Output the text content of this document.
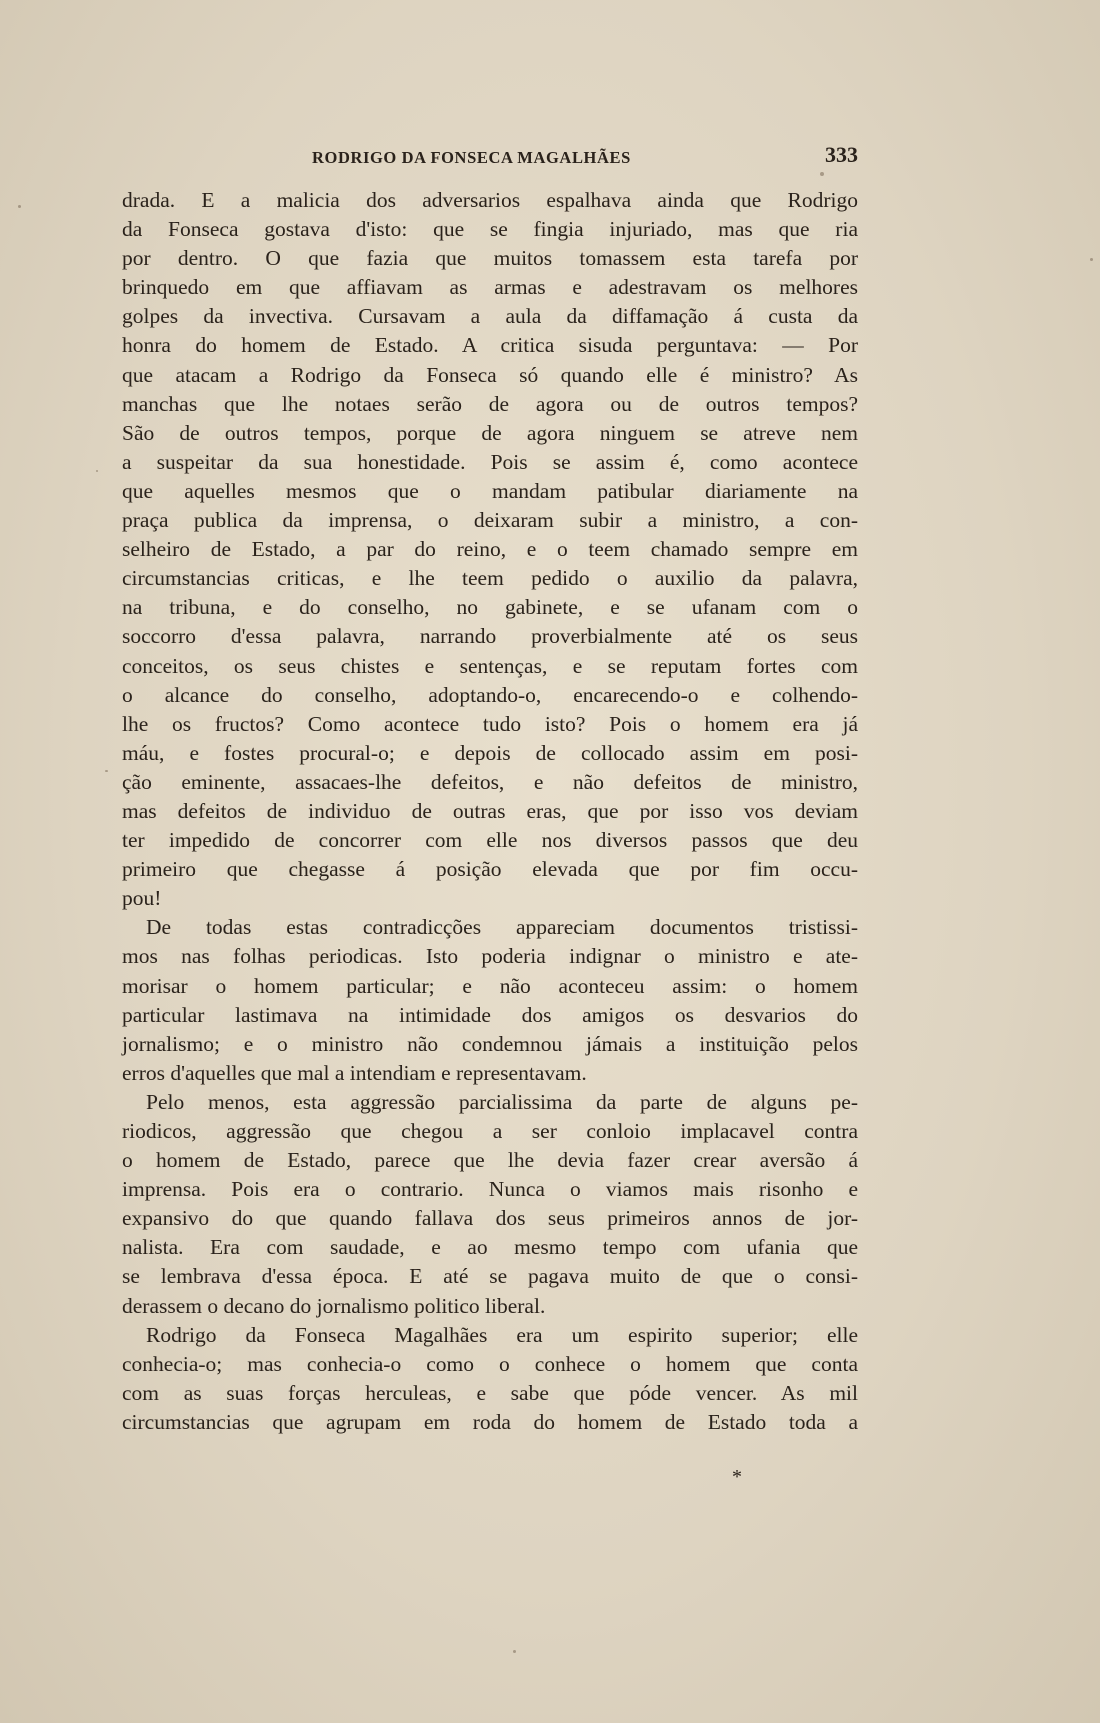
RODRIGO DA FONSECA MAGALHÃES	333
drada. E a malicia dos adversarios espalhava ainda que Rodrigo
da Fonseca gostava d'isto: que se fingia injuriado, mas que ria
por dentro. O que fazia que muitos tomassem esta tarefa por
brinquedo em que affiavam as armas e adestravam os melhores
golpes da invectiva. Cursavam a aula da diffamação á custa da
honra do homem de Estado. A critica sisuda perguntava: — Por
que atacam a Rodrigo da Fonseca só quando elle é ministro? As
manchas que lhe notaes serão de agora ou de outros tempos?
São de outros tempos, porque de agora ninguem se atreve nem
a suspeitar da sua honestidade. Pois se assim é, como acontece
que aquelles mesmos que o mandam patibular diariamente na
praça publica da imprensa, o deixaram subir a ministro, a con-
selheiro de Estado, a par do reino, e o teem chamado sempre em
circumstancias criticas, e lhe teem pedido o auxilio da palavra,
na tribuna, e do conselho, no gabinete, e se ufanam com o
soccorro d'essa palavra, narrando proverbialmente até os seus
conceitos, os seus chistes e sentenças, e se reputam fortes com
o alcance do conselho, adoptando-o, encarecendo-o e colhendo-
lhe os fructos? Como acontece tudo isto? Pois o homem era já
máu, e fostes procural-o; e depois de collocado assim em posi-
ção eminente, assacaes-lhe defeitos, e não defeitos de ministro,
mas defeitos de individuo de outras eras, que por isso vos deviam
ter impedido de concorrer com elle nos diversos passos que deu
primeiro que chegasse á posição elevada que por fim occu-
pou!
De todas estas contradicções appareciam documentos tristissi-
mos nas folhas periodicas. Isto poderia indignar o ministro e ate-
morisar o homem particular; e não aconteceu assim: o homem
particular lastimava na intimidade dos amigos os desvarios do
jornalismo; e o ministro não condemnou jámais a instituição pelos
erros d'aquelles que mal a intendiam e representavam.
Pelo menos, esta aggressão parcialissima da parte de alguns pe-
riodicos, aggressão que chegou a ser conloio implacavel contra
o homem de Estado, parece que lhe devia fazer crear aversão á
imprensa. Pois era o contrario. Nunca o viamos mais risonho e
expansivo do que quando fallava dos seus primeiros annos de jor-
nalista. Era com saudade, e ao mesmo tempo com ufania que
se lembrava d'essa época. E até se pagava muito de que o consi-
derassem o decano do jornalismo politico liberal.
Rodrigo da Fonseca Magalhães era um espirito superior; elle
conhecia-o; mas conhecia-o como o conhece o homem que conta
com as suas forças herculeas, e sabe que póde vencer. As mil
circumstancias que agrupam em roda do homem de Estado toda a
*
